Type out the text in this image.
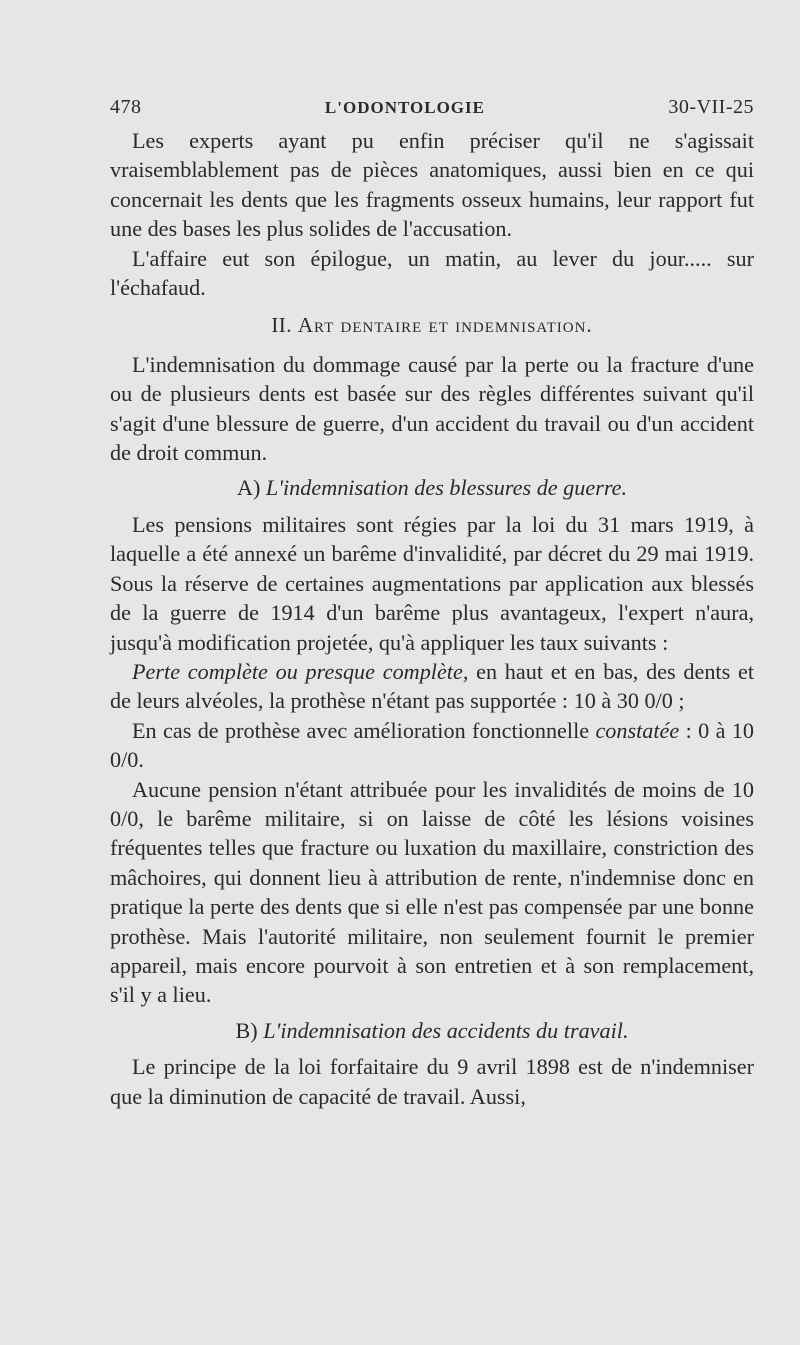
478	L'ODONTOLOGIE	30-VII-25

Les experts ayant pu enfin préciser qu'il ne s'agissait vraisemblablement pas de pièces anatomiques, aussi bien en ce qui concernait les dents que les fragments osseux humains, leur rapport fut une des bases les plus solides de l'accusation.

L'affaire eut son épilogue, un matin, au lever du jour..... sur l'échafaud.

II. Art dentaire et indemnisation.

L'indemnisation du dommage causé par la perte ou la fracture d'une ou de plusieurs dents est basée sur des règles différentes suivant qu'il s'agit d'une blessure de guerre, d'un accident du travail ou d'un accident de droit commun.

A) L'indemnisation des blessures de guerre.

Les pensions militaires sont régies par la loi du 31 mars 1919, à laquelle a été annexé un barême d'invalidité, par décret du 29 mai 1919. Sous la réserve de certaines augmentations par application aux blessés de la guerre de 1914 d'un barême plus avantageux, l'expert n'aura, jusqu'à modification projetée, qu'à appliquer les taux suivants :

Perte complète ou presque complète, en haut et en bas, des dents et de leurs alvéoles, la prothèse n'étant pas supportée : 10 à 30 0/0 ;

En cas de prothèse avec amélioration fonctionnelle constatée : 0 à 10 0/0.

Aucune pension n'étant attribuée pour les invalidités de moins de 10 0/0, le barême militaire, si on laisse de côté les lésions voisines fréquentes telles que fracture ou luxation du maxillaire, constriction des mâchoires, qui donnent lieu à attribution de rente, n'indemnise donc en pratique la perte des dents que si elle n'est pas compensée par une bonne prothèse. Mais l'autorité militaire, non seulement fournit le premier appareil, mais encore pourvoit à son entretien et à son remplacement, s'il y a lieu.

B) L'indemnisation des accidents du travail.

Le principe de la loi forfaitaire du 9 avril 1898 est de n'indemniser que la diminution de capacité de travail. Aussi,
